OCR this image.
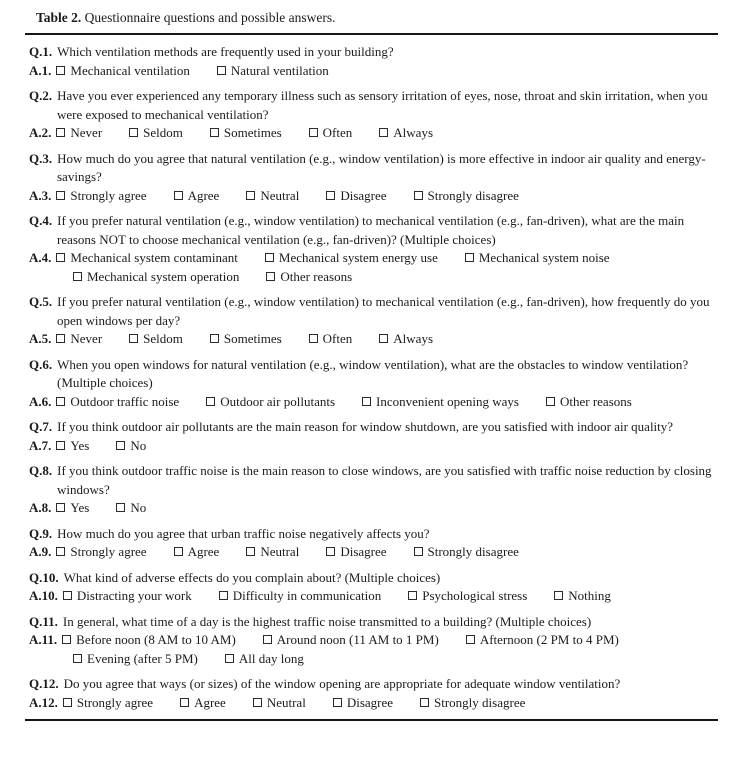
Table 2. Questionnaire questions and possible answers.
Q.1. Which ventilation methods are frequently used in your building?
A.1. Mechanical ventilation	Natural ventilation
Q.2. Have you ever experienced any temporary illness such as sensory irritation of eyes, nose, throat and skin irritation, when you were exposed to mechanical ventilation?
A.2. Never	Seldom	Sometimes	Often	Always
Q.3. How much do you agree that natural ventilation (e.g., window ventilation) is more effective in indoor air quality and energy-savings?
A.3. Strongly agree	Agree	Neutral	Disagree	Strongly disagree
Q.4. If you prefer natural ventilation (e.g., window ventilation) to mechanical ventilation (e.g., fan-driven), what are the main reasons NOT to choose mechanical ventilation (e.g., fan-driven)? (Multiple choices)
A.4. Mechanical system contaminant	Mechanical system energy use	Mechanical system noise
Mechanical system operation	Other reasons
Q.5. If you prefer natural ventilation (e.g., window ventilation) to mechanical ventilation (e.g., fan-driven), how frequently do you open windows per day?
A.5. Never	Seldom	Sometimes	Often	Always
Q.6. When you open windows for natural ventilation (e.g., window ventilation), what are the obstacles to window ventilation? (Multiple choices)
A.6. Outdoor traffic noise	Outdoor air pollutants	Inconvenient opening ways	Other reasons
Q.7. If you think outdoor air pollutants are the main reason for window shutdown, are you satisfied with indoor air quality?
A.7. Yes	No
Q.8. If you think outdoor traffic noise is the main reason to close windows, are you satisfied with traffic noise reduction by closing windows?
A.8. Yes	No
Q.9. How much do you agree that urban traffic noise negatively affects you?
A.9. Strongly agree	Agree	Neutral	Disagree	Strongly disagree
Q.10. What kind of adverse effects do you complain about? (Multiple choices)
A.10. Distracting your work	Difficulty in communication	Psychological stress	Nothing
Q.11. In general, what time of a day is the highest traffic noise transmitted to a building? (Multiple choices)
A.11. Before noon (8 AM to 10 AM)	Around noon (11 AM to 1 PM)	Afternoon (2 PM to 4 PM)
Evening (after 5 PM)	All day long
Q.12. Do you agree that ways (or sizes) of the window opening are appropriate for adequate window ventilation?
A.12. Strongly agree	Agree	Neutral	Disagree	Strongly disagree
